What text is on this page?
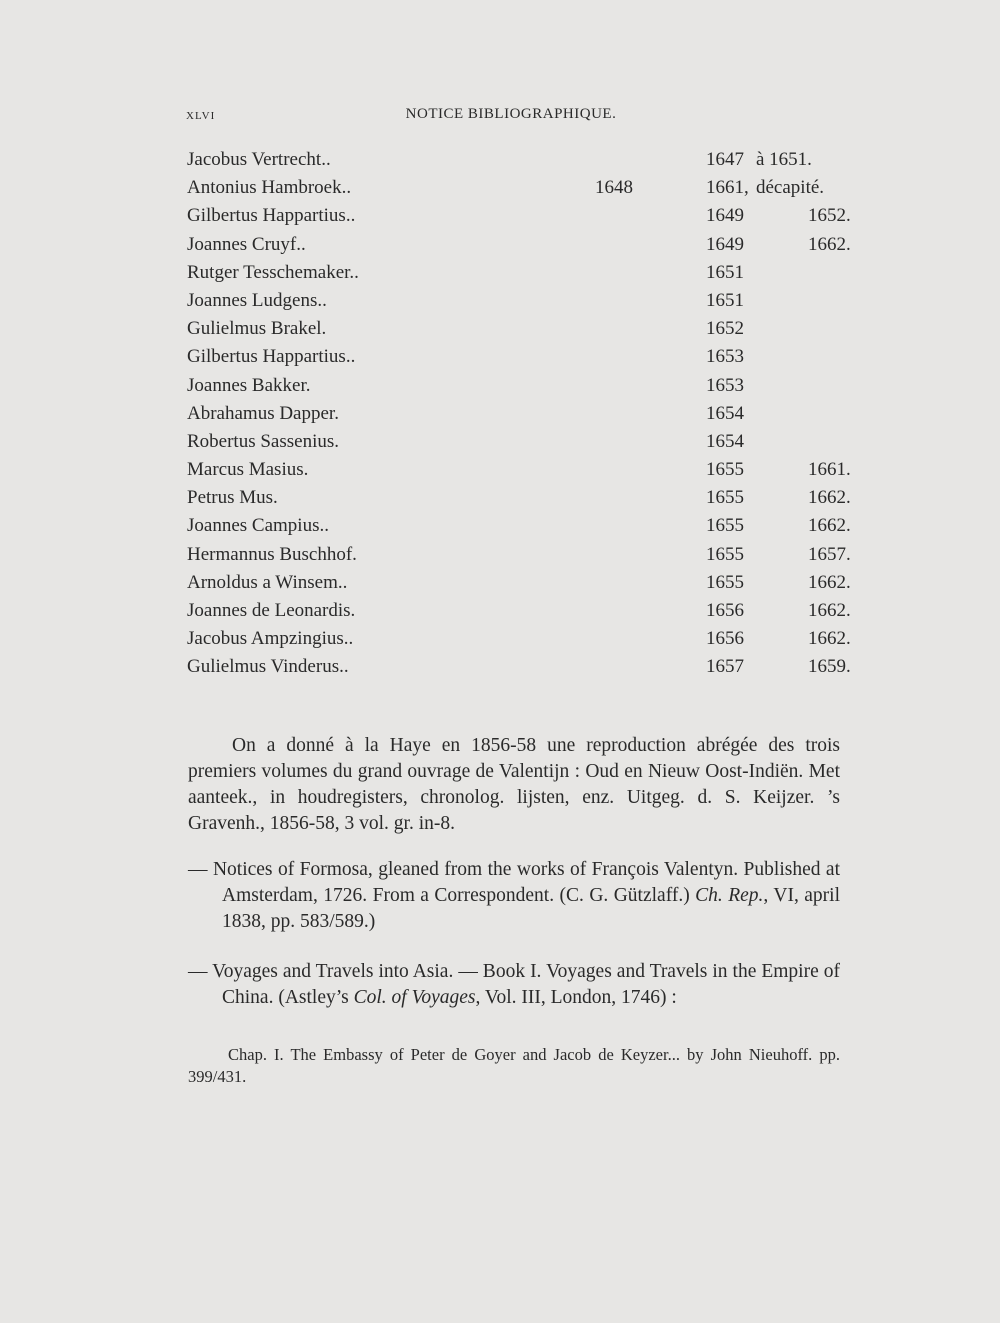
XLVI	NOTICE BIBLIOGRAPHIQUE.
Jacobus Vertrecht..	1647 à 1651.
Antonius Hambroek..	1648	1661, décapité.
Gilbertus Happartius..	1649	1652.
Joannes Cruyf..	1649	1662.
Rutger Tesschemaker..	1651
Joannes Ludgens..	1651
Gulielmus Brakel.	1652
Gilbertus Happartius..	1653
Joannes Bakker.	1653
Abrahamus Dapper.	1654
Robertus Sassenius.	1654
Marcus Masius.	1655	1661.
Petrus Mus.	1655	1662.
Joannes Campius..	1655	1662.
Hermannus Buschhof.	1655	1657.
Arnoldus a Winsem..	1655	1662.
Joannes de Leonardis.	1656	1662.
Jacobus Ampzingius..	1656	1662.
Gulielmus Vinderus..	1657	1659.
On a donné à la Haye en 1856-58 une reproduction abrégée des trois premiers volumes du grand ouvrage de Valentijn : Oud en Nieuw Oost-Indiën. Met aanteek., in houdregisters, chronolog. lijsten, enz. Uitgeg. d. S. Keijzer. ’s Gravenh., 1856-58, 3 vol. gr. in-8.
— Notices of Formosa, gleaned from the works of François Valentyn. Published at Amsterdam, 1726. From a Correspondent. (C. G. Gützlaff.) Ch. Rep., VI, april 1838, pp. 583/589.)
— Voyages and Travels into Asia. — Book I. Voyages and Travels in the Empire of China. (Astley’s Col. of Voyages, Vol. III, London, 1746) :
Chap. I. The Embassy of Peter de Goyer and Jacob de Keyzer... by John Nieuhoff. pp. 399/431.
